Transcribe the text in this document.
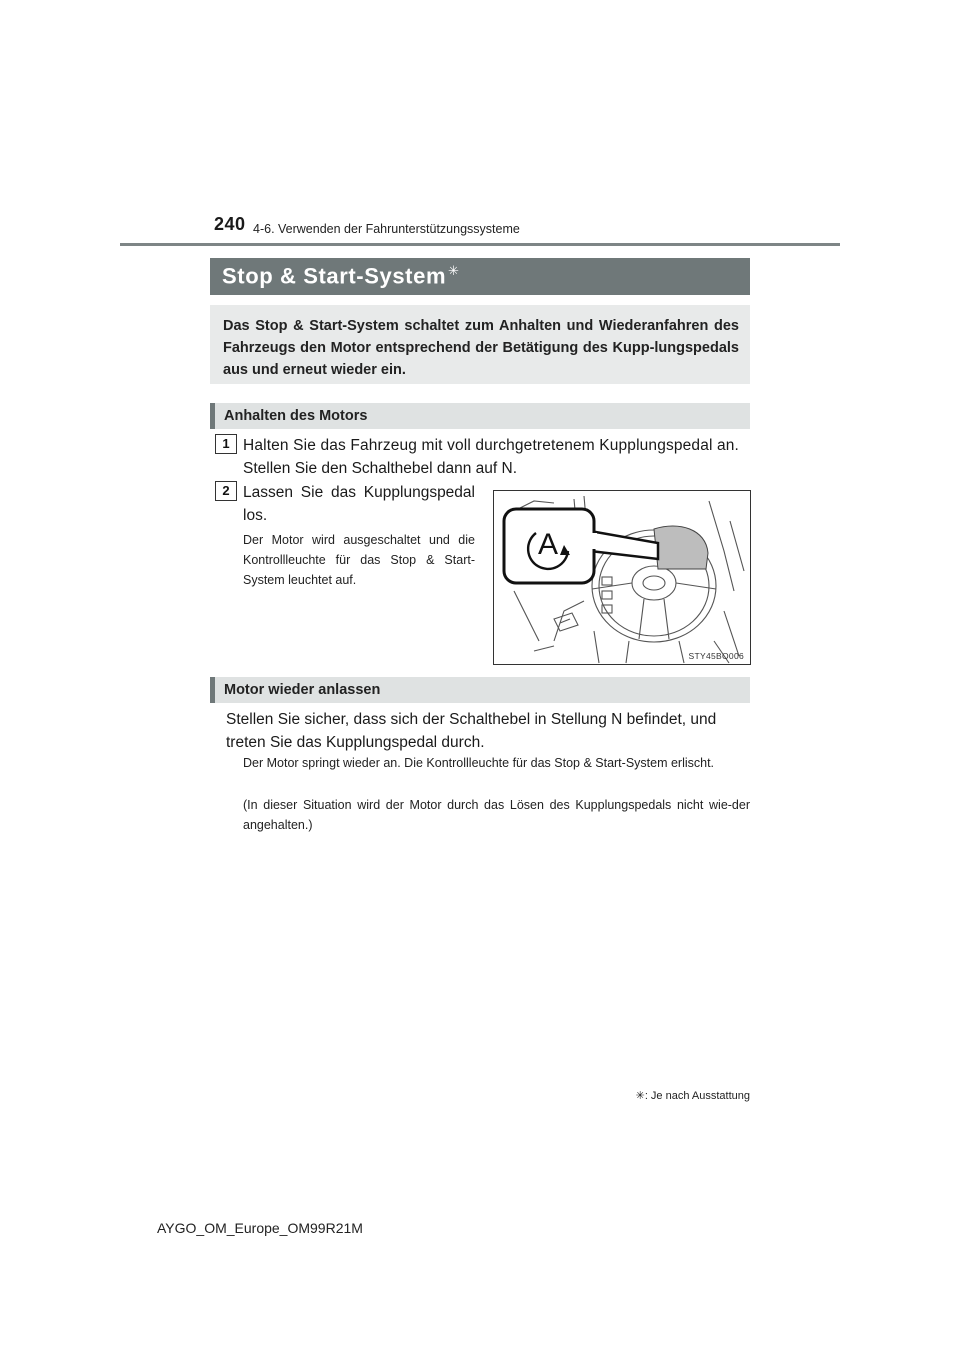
240 4-6. Verwenden der Fahrunterstützungssysteme
Stop & Start-System ✳
Das Stop & Start-System schaltet zum Anhalten und Wiederanfahren des Fahrzeugs den Motor entsprechend der Betätigung des Kupp-lungspedals aus und erneut wieder ein.
Anhalten des Motors
1 Halten Sie das Fahrzeug mit voll durchgetretenem Kupplungspedal an.
Stellen Sie den Schalthebel dann auf N.
2 Lassen Sie das Kupplungspedal los.
Der Motor wird ausgeschaltet und die Kontrollleuchte für das Stop & Start-System leuchtet auf.
A
STY45BO006
Motor wieder anlassen
Stellen Sie sicher, dass sich der Schalthebel in Stellung N befindet, und treten Sie das Kupplungspedal durch.
Der Motor springt wieder an. Die Kontrollleuchte für das Stop & Start-System erlischt.
(In dieser Situation wird der Motor durch das Lösen des Kupplungspedals nicht wie-der angehalten.)
✳: Je nach Ausstattung
AYGO_OM_Europe_OM99R21M
